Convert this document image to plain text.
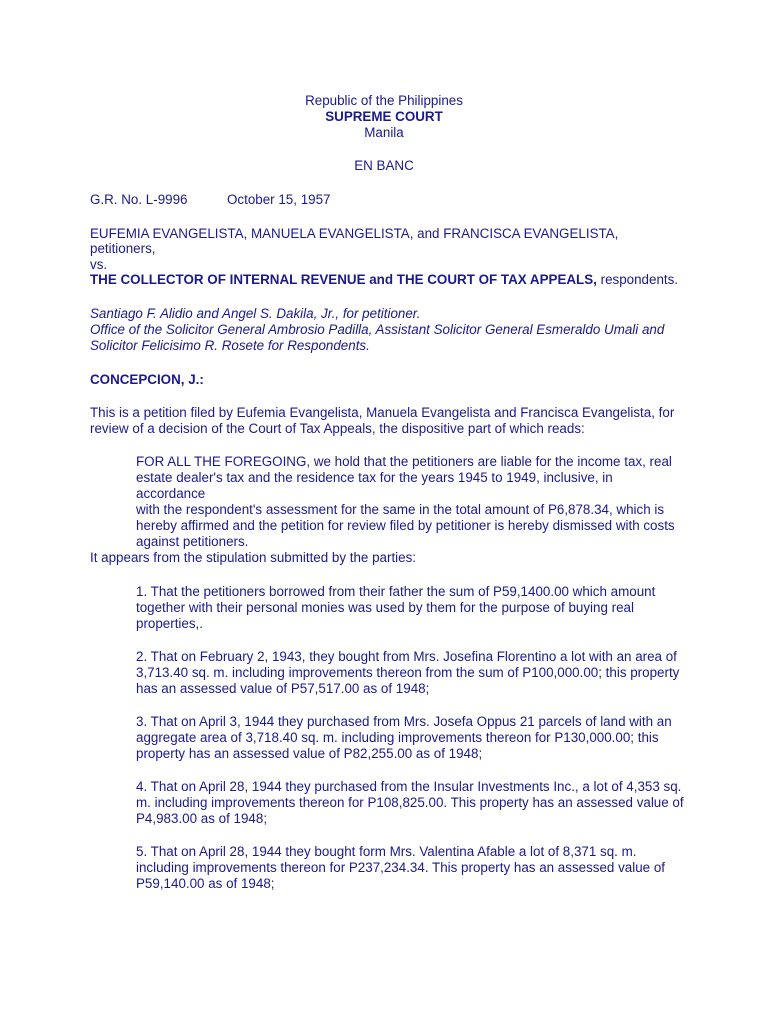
Republic of the Philippines
SUPREME COURT
Manila
EN BANC
G.R. No. L-9996	October 15, 1957
EUFEMIA EVANGELISTA, MANUELA EVANGELISTA, and FRANCISCA EVANGELISTA,
petitioners,
vs.
THE COLLECTOR OF INTERNAL REVENUE and THE COURT OF TAX APPEALS, respondents.
Santiago F. Alidio and Angel S. Dakila, Jr., for petitioner.
Office of the Solicitor General Ambrosio Padilla, Assistant Solicitor General Esmeraldo Umali and
Solicitor Felicisimo R. Rosete for Respondents.
CONCEPCION, J.:
This is a petition filed by Eufemia Evangelista, Manuela Evangelista and Francisca Evangelista, for
review of a decision of the Court of Tax Appeals, the dispositive part of which reads:
FOR ALL THE FOREGOING, we hold that the petitioners are liable for the income tax, real
estate dealer's tax and the residence tax for the years 1945 to 1949, inclusive, in accordance
with the respondent's assessment for the same in the total amount of P6,878.34, which is
hereby affirmed and the petition for review filed by petitioner is hereby dismissed with costs
against petitioners.
It appears from the stipulation submitted by the parties:
1. That the petitioners borrowed from their father the sum of P59,1400.00 which amount
together with their personal monies was used by them for the purpose of buying real
properties,.
2. That on February 2, 1943, they bought from Mrs. Josefina Florentino a lot with an area of
3,713.40 sq. m. including improvements thereon from the sum of P100,000.00; this property
has an assessed value of P57,517.00 as of 1948;
3. That on April 3, 1944 they purchased from Mrs. Josefa Oppus 21 parcels of land with an
aggregate area of 3,718.40 sq. m. including improvements thereon for P130,000.00; this
property has an assessed value of P82,255.00 as of 1948;
4. That on April 28, 1944 they purchased from the Insular Investments Inc., a lot of 4,353 sq.
m. including improvements thereon for P108,825.00. This property has an assessed value of
P4,983.00 as of 1948;
5. That on April 28, 1944 they bought form Mrs. Valentina Afable a lot of 8,371 sq. m.
including improvements thereon for P237,234.34. This property has an assessed value of
P59,140.00 as of 1948;
